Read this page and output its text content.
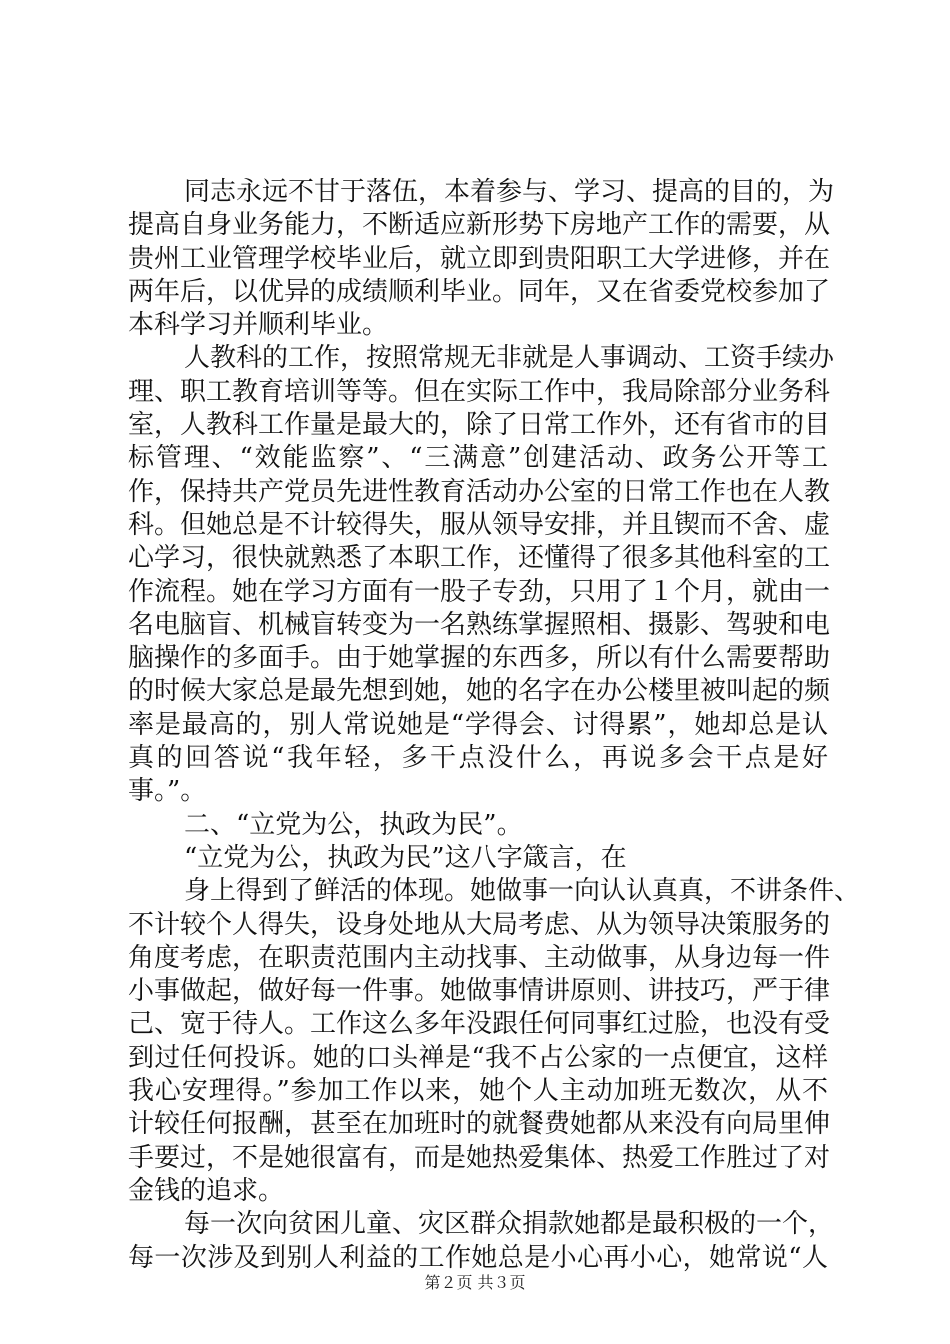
同志永远不甘于落伍，本着参与、学习、提高的目的，为
提高自身业务能力，不断适应新形势下房地产工作的需要，从
贵州工业管理学校毕业后，就立即到贵阳职工大学进修，并在
两年后，以优异的成绩顺利毕业。同年，又在省委党校参加了
本科学习并顺利毕业。
人教科的工作，按照常规无非就是人事调动、工资手续办
理、职工教育培训等等。但在实际工作中，我局除部分业务科
室，人教科工作量是最大的，除了日常工作外，还有省市的目
标管理、“效能监察”、“三满意”创建活动、政务公开等工
作，保持共产党员先进性教育活动办公室的日常工作也在人教
科。但她总是不计较得失，服从领导安排，并且锲而不舍、虚
心学习，很快就熟悉了本职工作，还懂得了很多其他科室的工
作流程。她在学习方面有一股子专劲，只用了１个月，就由一
名电脑盲、机械盲转变为一名熟练掌握照相、摄影、驾驶和电
脑操作的多面手。由于她掌握的东西多，所以有什么需要帮助
的时候大家总是最先想到她，她的名字在办公楼里被叫起的频
率是最高的，别人常说她是“学得会、讨得累”，她却总是认
真的回答说“我年轻，多干点没什么，再说多会干点是好
事。”。
二、“立党为公，执政为民”。
“立党为公，执政为民”这八字箴言，在
身上得到了鲜活的体现。她做事一向认认真真，不讲条件、
不计较个人得失，设身处地从大局考虑、从为领导决策服务的
角度考虑，在职责范围内主动找事、主动做事，从身边每一件
小事做起，做好每一件事。她做事情讲原则、讲技巧，严于律
己、宽于待人。工作这么多年没跟任何同事红过脸，也没有受
到过任何投诉。她的口头禅是“我不占公家的一点便宜，这样
我心安理得。”参加工作以来，她个人主动加班无数次，从不
计较任何报酬，甚至在加班时的就餐费她都从来没有向局里伸
手要过，不是她很富有，而是她热爱集体、热爱工作胜过了对
金钱的追求。
每一次向贫困儿童、灾区群众捐款她都是最积极的一个，
每一次涉及到别人利益的工作她总是小心再小心，她常说“人
第２页 共３页
